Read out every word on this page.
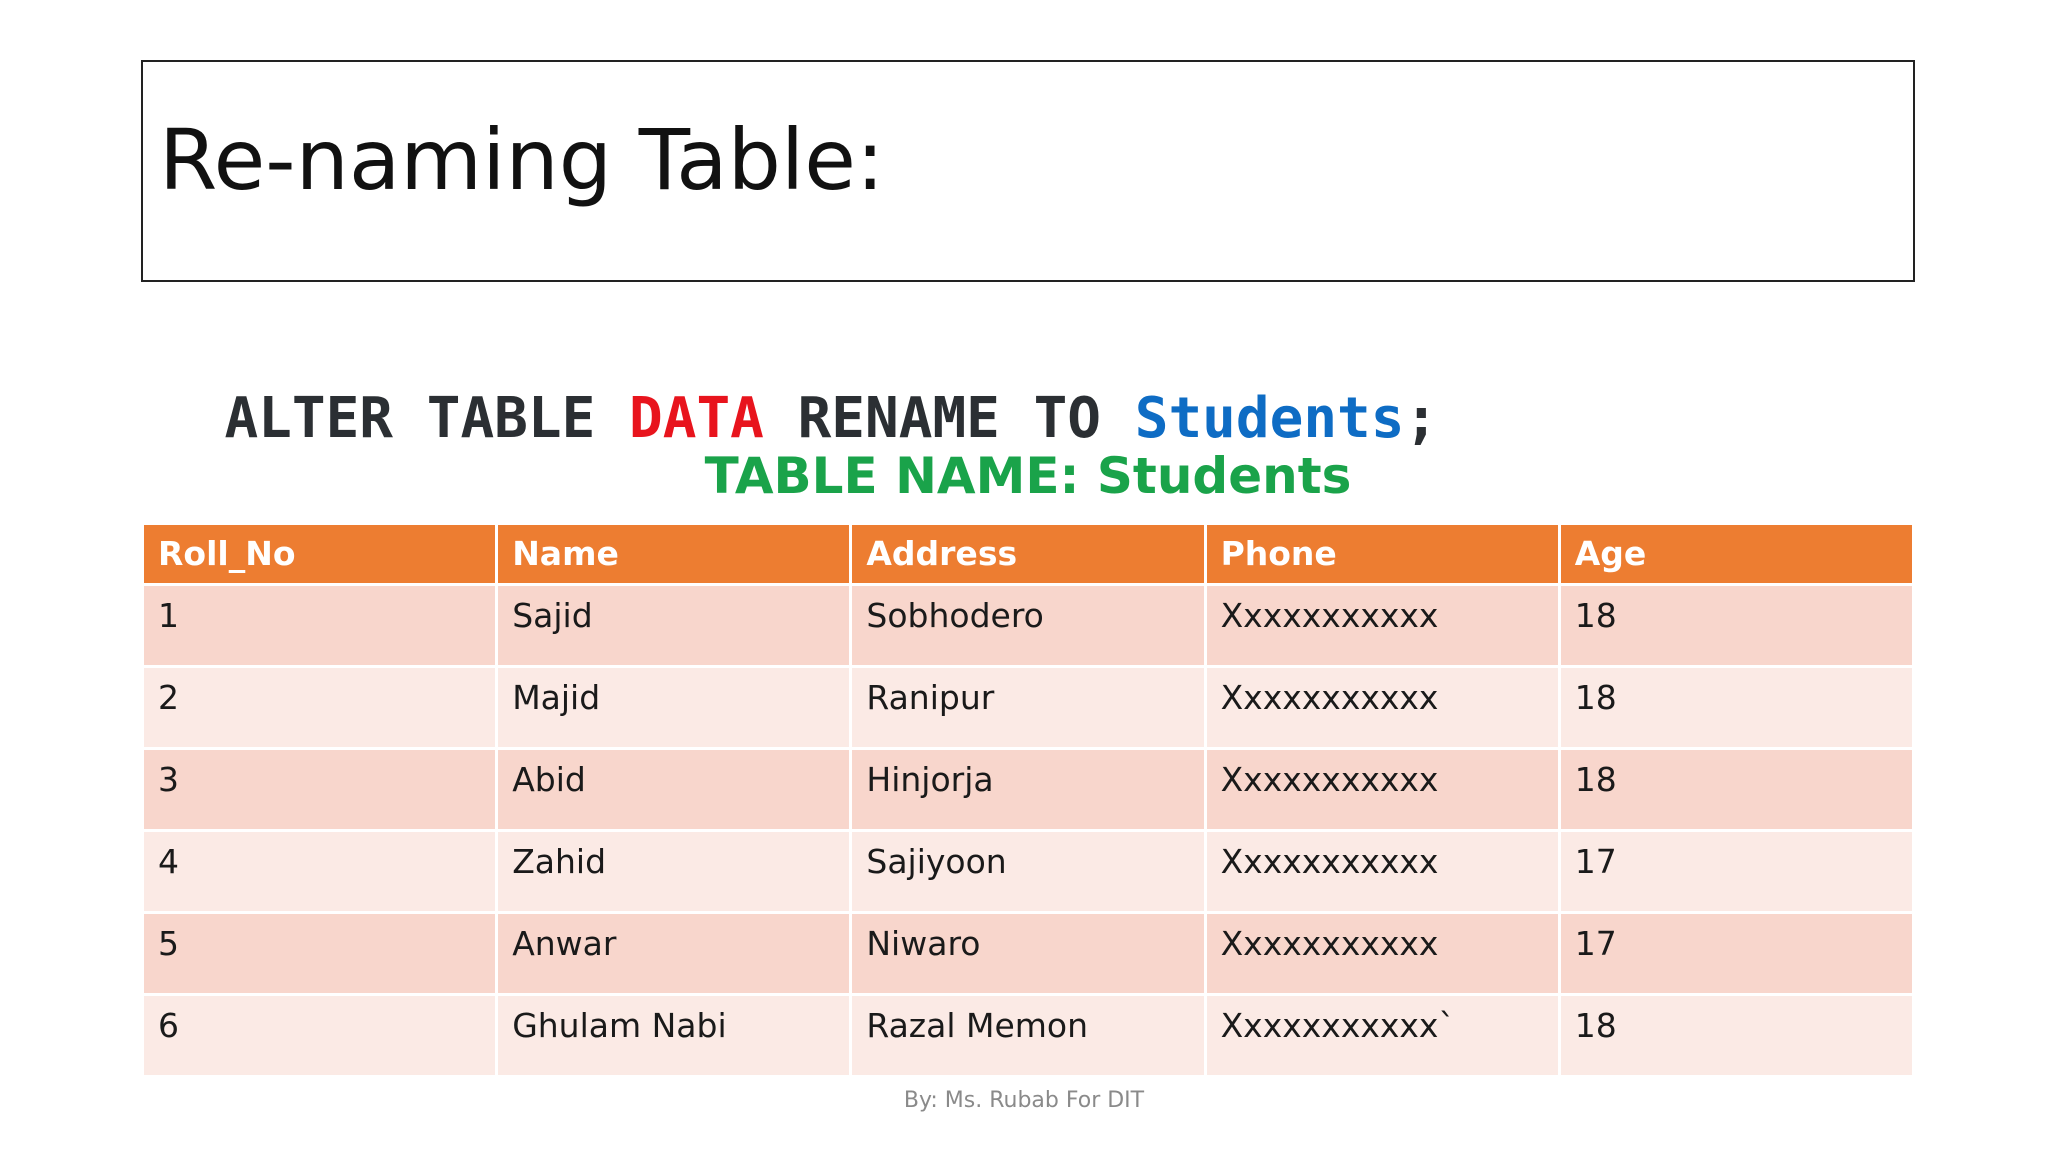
Re-naming Table:

ALTER TABLE DATA RENAME TO Students;

TABLE NAME: Students
Roll_No	Name	Address	Phone	Age
1	Sajid	Sobhodero	Xxxxxxxxxxx	18
2	Majid	Ranipur	Xxxxxxxxxxx	18
3	Abid	Hinjorja	Xxxxxxxxxxx	18
4	Zahid	Sajiyoon	Xxxxxxxxxxx	17
5	Anwar	Niwaro	Xxxxxxxxxxx	17
6	Ghulam Nabi	Razal Memon	Xxxxxxxxxxx`	18
By: Ms. Rubab For DIT
